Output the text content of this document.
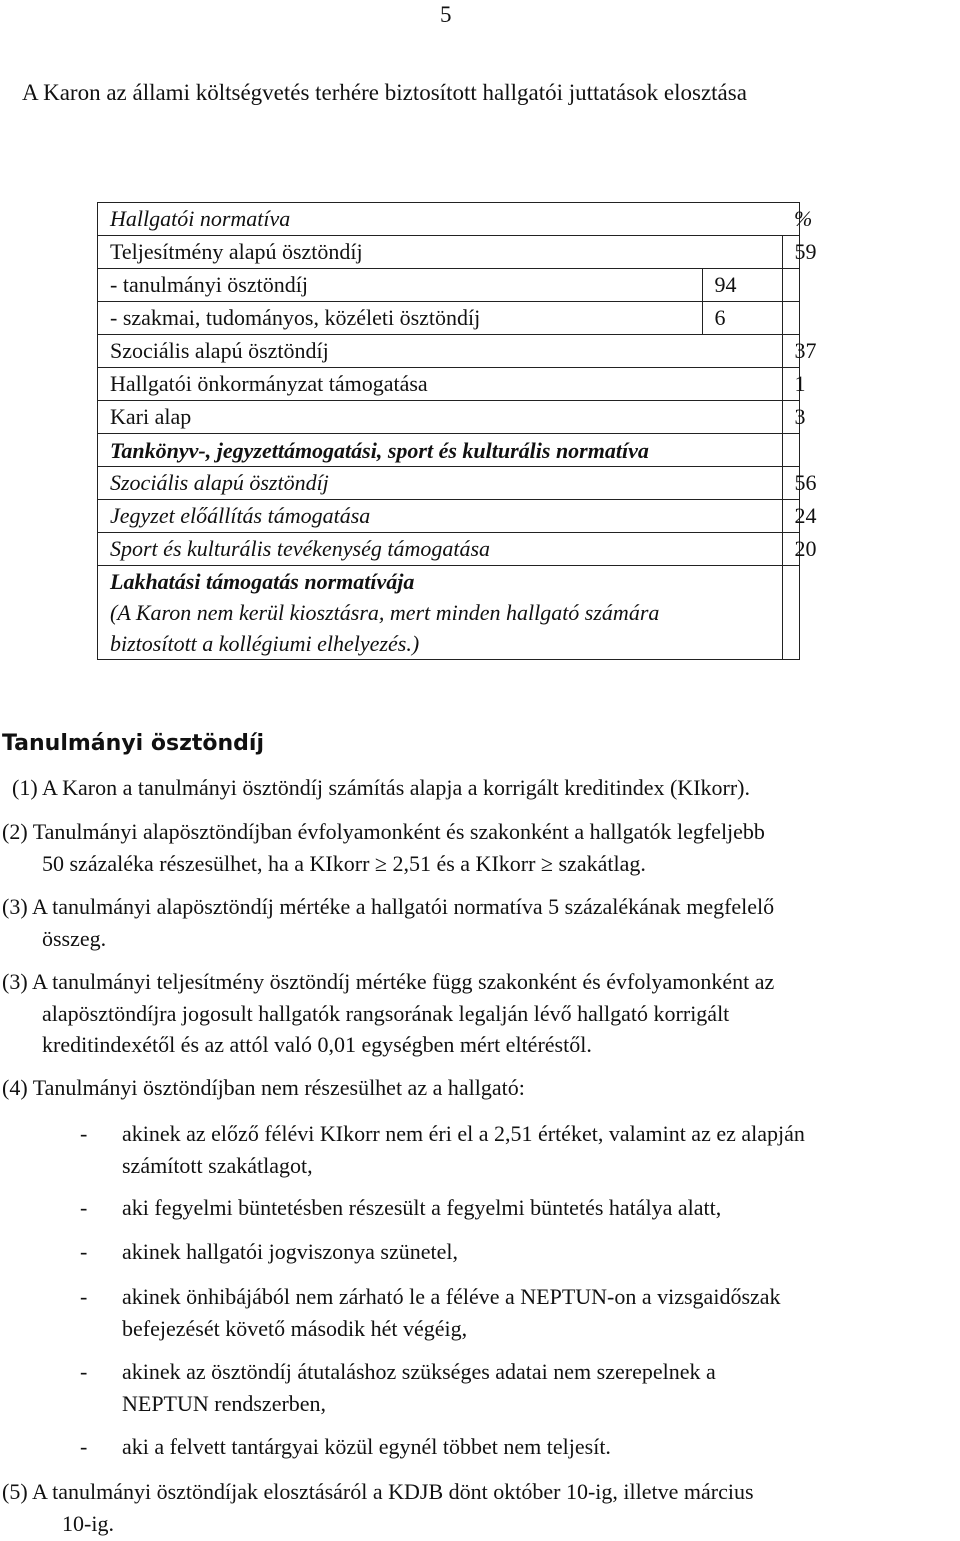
5
A Karon az állami költségvetés terhére biztosított hallgatói juttatások elosztása
Hallgatói normatíva		%
Teljesítmény alapú ösztöndíj		59
- tanulmányi ösztöndíj	94	
- szakmai, tudományos, közéleti ösztöndíj	6	
Szociális alapú ösztöndíj		37
Hallgatói önkormányzat támogatása		1
Kari alap		3
Tankönyv-, jegyzettámogatási, sport és kulturális normatíva		
Szociális alapú ösztöndíj		56
Jegyzet előállítás támogatása		24
Sport és kulturális tevékenység támogatása		20
Lakhatási támogatás normatívája
(A Karon nem kerül kiosztásra, mert minden hallgató számára biztosított a kollégiumi elhelyezés.)		
Tanulmányi ösztöndíj
(1) A Karon a tanulmányi ösztöndíj számítás alapja a korrigált kreditindex (KIkorr).
(2) Tanulmányi alapösztöndíjban évfolyamonként és szakonként a hallgatók legfeljebb
50 százaléka részesülhet, ha a KIkorr ≥ 2,51 és a KIkorr ≥ szakátlag.
(3) A tanulmányi alapösztöndíj mértéke a hallgatói normatíva 5 százalékának megfelelő
összeg.
(3) A tanulmányi teljesítmény ösztöndíj mértéke függ szakonként és évfolyamonként az
alapösztöndíjra jogosult hallgatók rangsorának legalján lévő hallgató korrigált
kreditindexétől és az attól való 0,01 egységben mért eltéréstől.
(4) Tanulmányi ösztöndíjban nem részesülhet az a hallgató:
- akinek az előző félévi KIkorr nem éri el a 2,51 értéket, valamint az ez alapján
számított szakátlagot,
- aki fegyelmi büntetésben részesült a fegyelmi büntetés hatálya alatt,
- akinek hallgatói jogviszonya szünetel,
- akinek önhibájából nem zárható le a féléve a NEPTUN-on a vizsgaidőszak
befejezését követő második hét végéig,
- akinek az ösztöndíj átutaláshoz szükséges adatai nem szerepelnek a
NEPTUN rendszerben,
- aki a felvett tantárgyai közül egynél többet nem teljesít.
(5) A tanulmányi ösztöndíjak elosztásáról a KDJB dönt október 10-ig, illetve március
10-ig.
